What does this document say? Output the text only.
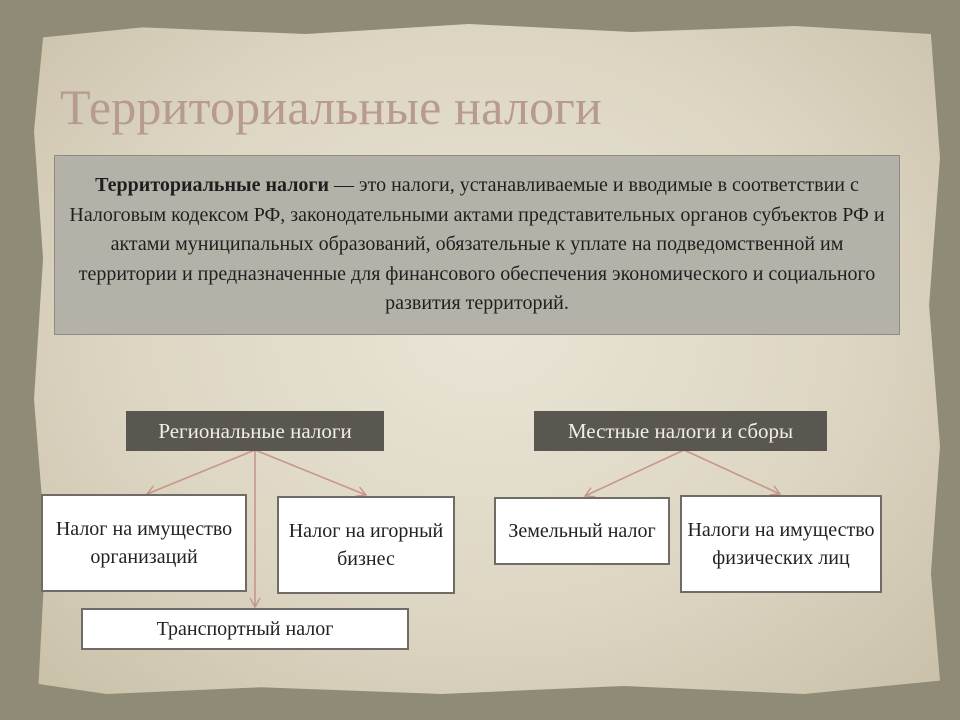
Территориальные налоги

Территориальные налоги — это налоги, устанавливаемые и вводимые в соответствии с Налоговым кодексом РФ, законодательными актами представительных органов субъектов РФ и актами муниципальных образований, обязательные к уплате на подведомственной им территории и предназначенные для финансового обеспечения экономического и социального развития территорий.

Региональные налоги	Местные налоги и сборы
Налог на имущество организаций
Налог на игорный бизнес
Транспортный налог
Земельный налог Налоги на имущество физических лиц
